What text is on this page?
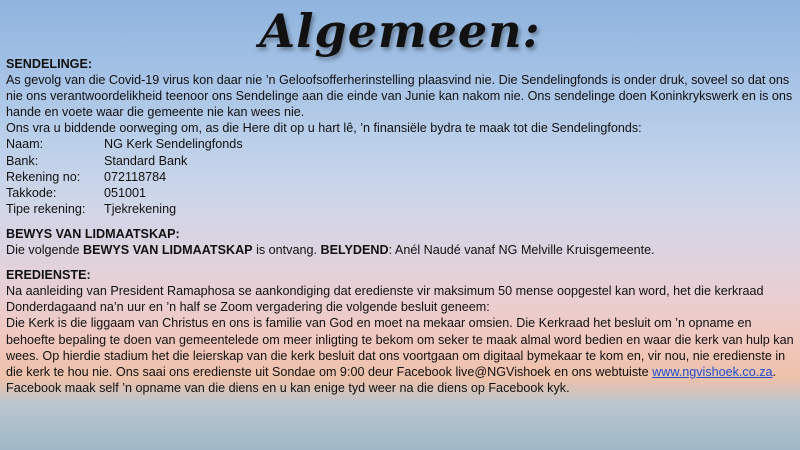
Algemeen:

SENDELINGE:

As gevolg van die Covid-19 virus kon daar nie ’n Geloofsofferherinstelling plaasvind nie. Die Sendelingfonds is onder druk, soveel so dat ons nie ons verantwoordelikheid teenoor ons Sendelinge aan die einde van Junie kan nakom nie. Ons sendelinge doen Koninkrykswerk en is ons hande en voete waar die gemeente nie kan wees nie.

Ons vra u biddende oorweging om, as die Here dit op u hart lê, ’n finansiële bydra te maak tot die Sendelingfonds:

Naam:	NG Kerk Sendelingfonds
Bank:	Standard Bank
Rekening no:	072118784
Takkode:	051001
Tipe rekening:	Tjekrekening

BEWYS VAN LIDMAATSKAP:

Die volgende BEWYS VAN LIDMAATSKAP is ontvang. BELYDEND: Anél Naudé vanaf NG Melville Kruisgemeente.

EREDIENSTE:

Na aanleiding van President Ramaphosa se aankondiging dat eredienste vir maksimum 50 mense oopgestel kan word, het die kerkraad Donderdagaand na’n uur en ’n half se Zoom vergadering die volgende besluit geneem:

Die Kerk is die liggaam van Christus en ons is familie van God en moet na mekaar omsien. Die Kerkraad het besluit om ’n opname en behoefte bepaling te doen van gemeentelede om meer inligting te bekom om seker te maak almal word bedien en waar die kerk van hulp kan wees. Op hierdie stadium het die leierskap van die kerk besluit dat ons voortgaan om digitaal bymekaar te kom en, vir nou, nie eredienste in die kerk te hou nie. Ons saai ons eredienste uit Sondae om 9:00 deur Facebook live@NGVishoek en ons webtuiste www.ngvishoek.co.za. Facebook maak self ’n opname van die diens en u kan enige tyd weer na die diens op Facebook kyk.
